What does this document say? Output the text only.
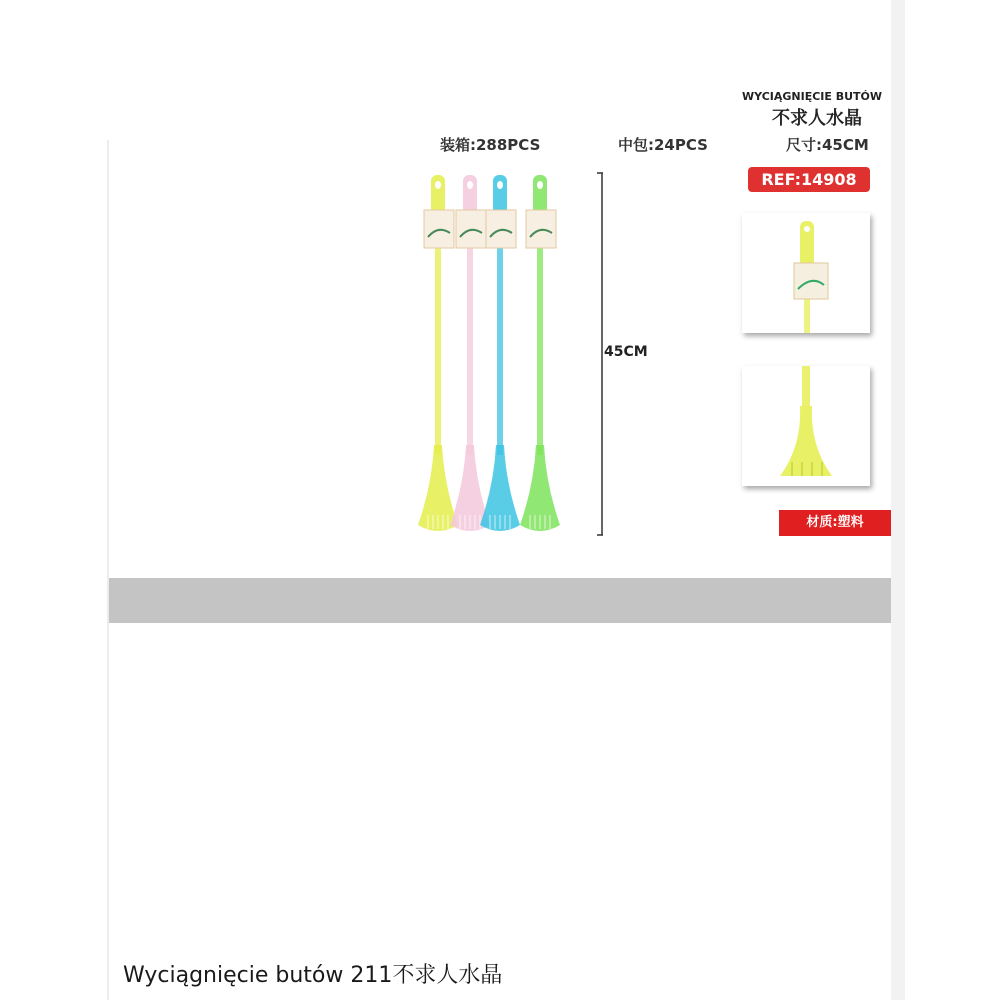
WYCIĄGNIĘCIE BUTÓW
不求人水晶
装箱:288PCS	中包:24PCS	尺寸:45CM
REF:14908
45CM
材质:塑料
Wyciągnięcie butów 211不求人水晶
